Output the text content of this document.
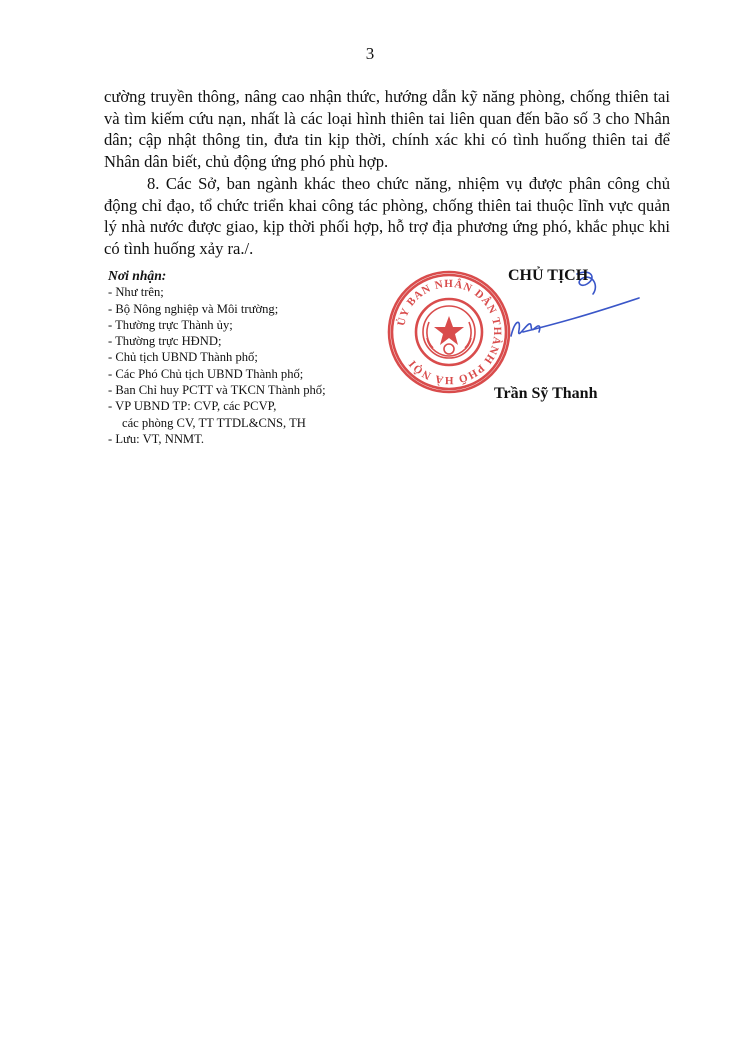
3
cường truyền thông, nâng cao nhận thức, hướng dẫn kỹ năng phòng, chống thiên tai và tìm kiếm cứu nạn, nhất là các loại hình thiên tai liên quan đến bão số 3 cho Nhân dân; cập nhật thông tin, đưa tin kịp thời, chính xác khi có tình huống thiên tai để Nhân dân biết, chủ động ứng phó phù hợp.
8. Các Sở, ban ngành khác theo chức năng, nhiệm vụ được phân công chủ động chỉ đạo, tổ chức triển khai công tác phòng, chống thiên tai thuộc lĩnh vực quản lý nhà nước được giao, kịp thời phối hợp, hỗ trợ địa phương ứng phó, khắc phục khi có tình huống xảy ra./.
Nơi nhận:
- Như trên;
- Bộ Nông nghiệp và Môi trường;
- Thường trực Thành ủy;
- Thường trực HĐND;
- Chủ tịch UBND Thành phố;
- Các Phó Chủ tịch UBND Thành phố;
- Ban Chỉ huy PCTT và TKCN Thành phố;
- VP UBND TP: CVP, các PCVP,
các phòng CV, TT TTDL&CNS, TH
- Lưu: VT, NNMT.
ỦY BAN NHÂN DÂN THÀNH PHỐ HÀ NỘI
CHỦ TỊCH
Trần Sỹ Thanh
